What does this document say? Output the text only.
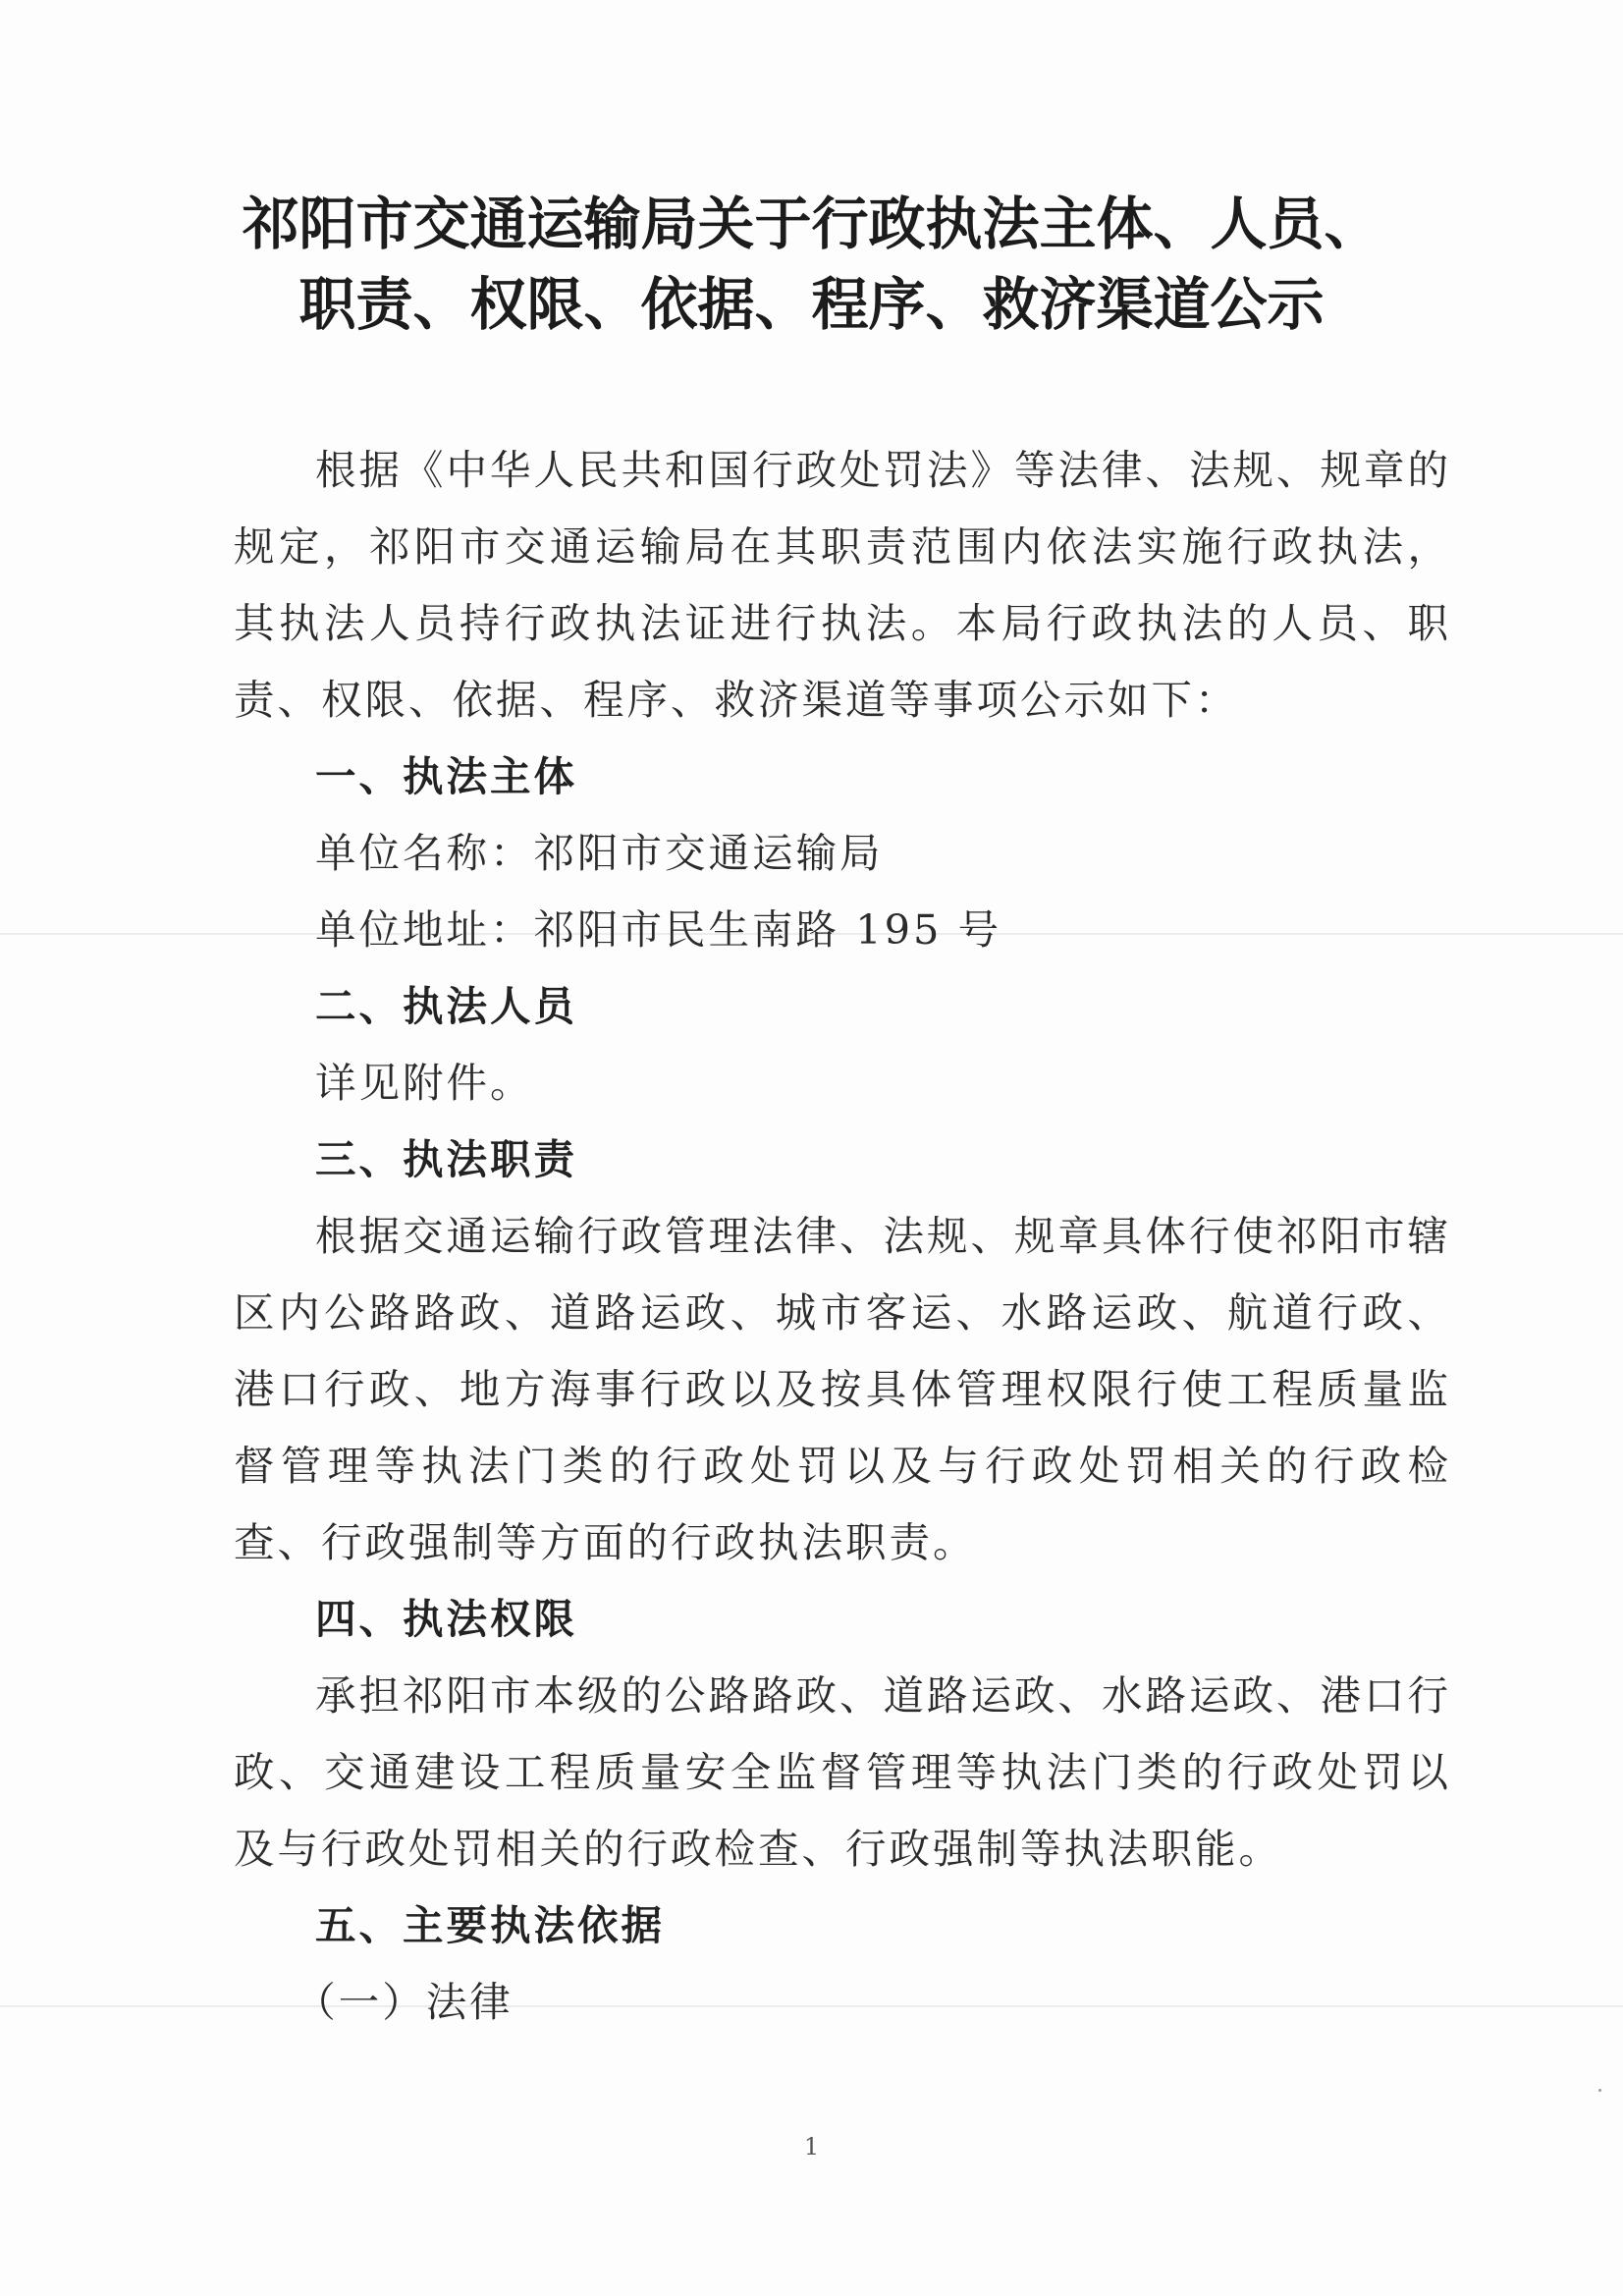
祁阳市交通运输局关于行政执法主体、人员、
职责、权限、依据、程序、救济渠道公示

根据《中华人民共和国行政处罚法》等法律、法规、规章的规定，祁阳市交通运输局在其职责范围内依法实施行政执法，其执法人员持行政执法证进行执法。本局行政执法的人员、职责、权限、依据、程序、救济渠道等事项公示如下：

一、执法主体

单位名称：祁阳市交通运输局

单位地址：祁阳市民生南路 195 号

二、执法人员

详见附件。

三、执法职责

根据交通运输行政管理法律、法规、规章具体行使祁阳市辖区内公路路政、道路运政、城市客运、水路运政、航道行政、港口行政、地方海事行政以及按具体管理权限行使工程质量监督管理等执法门类的行政处罚以及与行政处罚相关的行政检查、行政强制等方面的行政执法职责。

四、执法权限

承担祁阳市本级的公路路政、道路运政、水路运政、港口行政、交通建设工程质量安全监督管理等执法门类的行政处罚以及与行政处罚相关的行政检查、行政强制等执法职能。

五、主要执法依据

（一）法律

1
